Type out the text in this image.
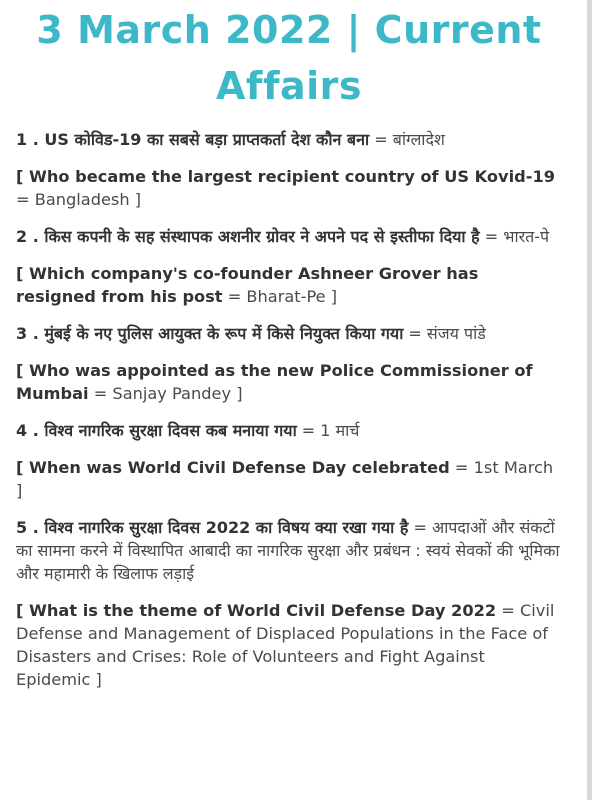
3 March 2022 | Current Affairs

1 . US कोविड-19 का सबसे बड़ा प्राप्तकर्ता देश कौन बना = बांग्लादेश

[ Who became the largest recipient country of US Kovid-19 = Bangladesh ]

2 . किस कपनी के सह संस्थापक अशनीर ग्रोवर ने अपने पद से इस्तीफा दिया है = भारत-पे

[ Which company's co-founder Ashneer Grover has resigned from his post = Bharat-Pe ]

3 . मुंबई के नए पुलिस आयुक्त के रूप में किसे नियुक्त किया गया = संजय पांडे

[ Who was appointed as the new Police Commissioner of Mumbai = Sanjay Pandey ]

4 . विश्व नागरिक सुरक्षा दिवस कब मनाया गया = 1 मार्च

[ When was World Civil Defense Day celebrated = 1st March ]

5 . विश्व नागरिक सुरक्षा दिवस 2022 का विषय क्या रखा गया है = आपदाओं और संकटों का सामना करने में विस्थापित आबादी का नागरिक सुरक्षा और प्रबंधन : स्वयं सेवकों की भूमिका और महामारी के खिलाफ लड़ाई

[ What is the theme of World Civil Defense Day 2022 = Civil Defense and Management of Displaced Populations in the Face of Disasters and Crises: Role of Volunteers and Fight Against Epidemic ]
